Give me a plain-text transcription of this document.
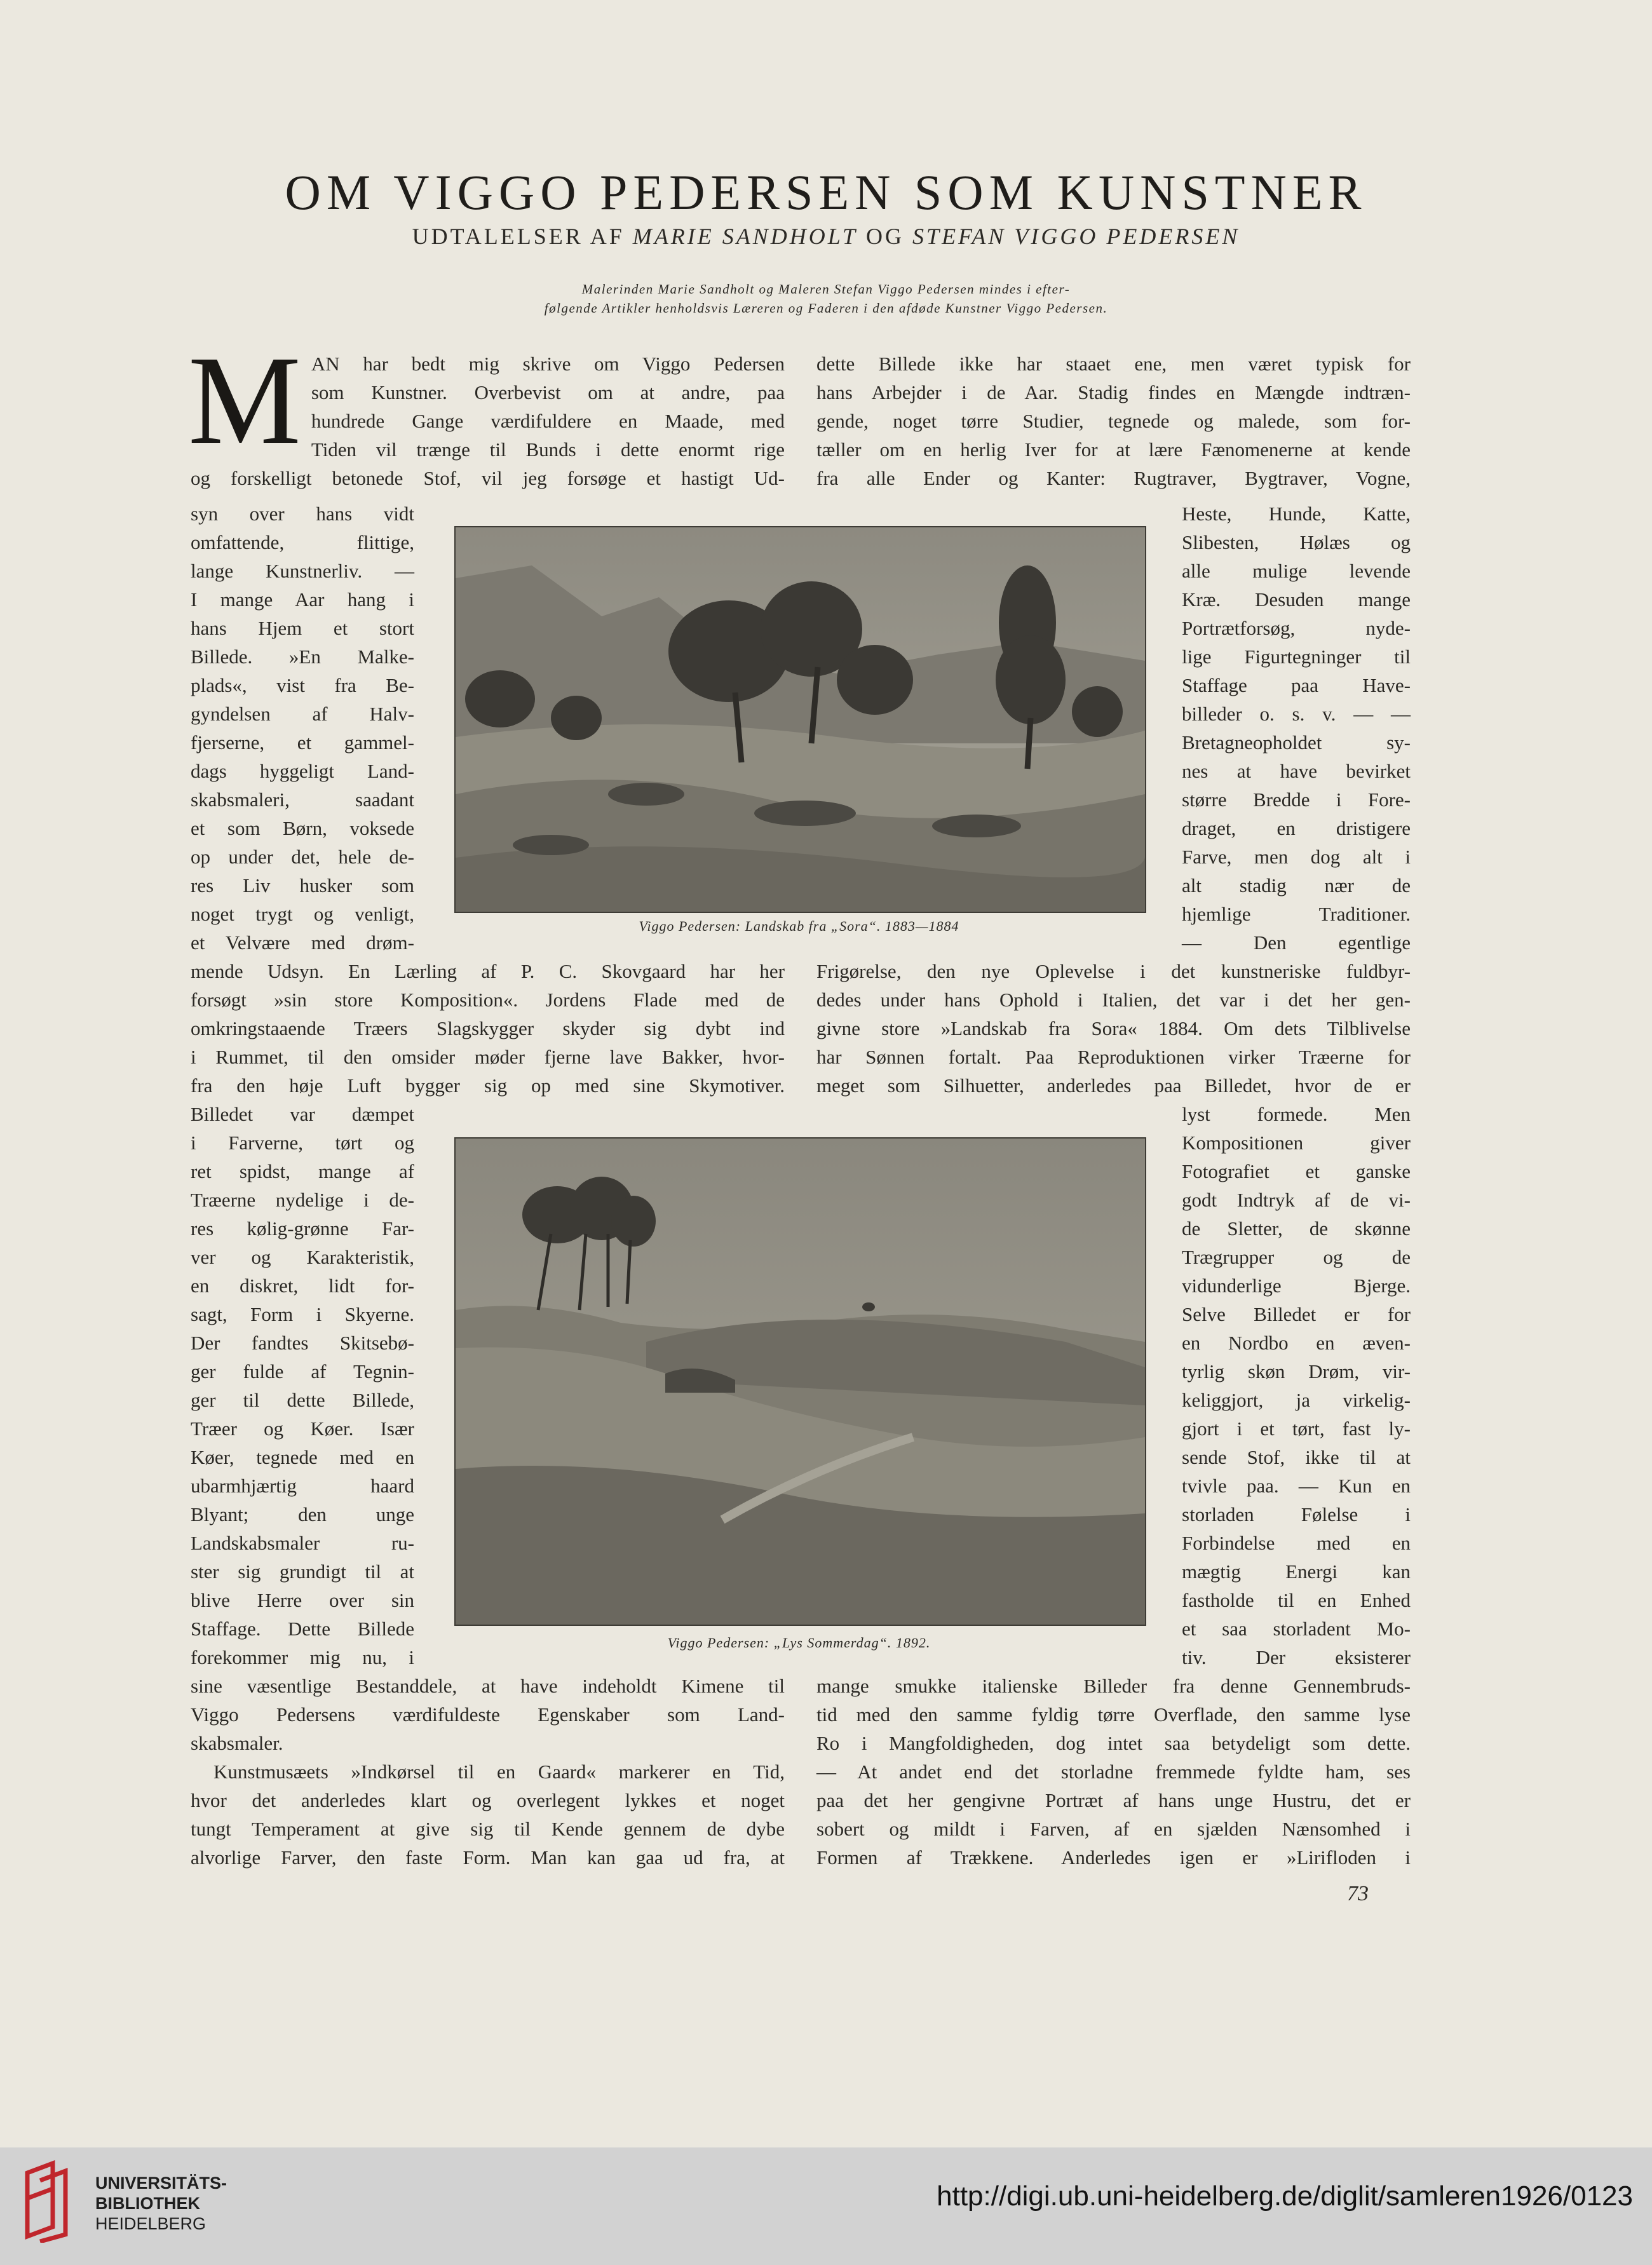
OM VIGGO PEDERSEN SOM KUNSTNER
UDTALELSER AF MARIE SANDHOLT OG STEFAN VIGGO PEDERSEN
Malerinden Marie Sandholt og Maleren Stefan Viggo Pedersen mindes i efter-
følgende Artikler henholdsvis Læreren og Faderen i den afdøde Kunstner Viggo Pedersen.
M AN har bedt mig skrive om Viggo Pedersen
som Kunstner. Overbevist om at andre, paa
hundrede Gange værdifuldere en Maade, med
Tiden vil trænge til Bunds i dette enormt rige
og forskelligt betonede Stof, vil jeg forsøge et hastigt Ud-
syn over hans vidt
omfattende, flittige,
lange Kunstnerliv. —
I mange Aar hang i
hans Hjem et stort
Billede. »En Malke-
plads«, vist fra Be-
gyndelsen af Halv-
fjerserne, et gammel-
dags hyggeligt Land-
skabsmaleri, saadant
et som Børn, voksede
op under det, hele de-
res Liv husker som
noget trygt og venligt,
et Velvære med drøm-
mende Udsyn. En Lærling af P. C. Skovgaard har her
forsøgt »sin store Komposition«. Jordens Flade med de
omkringstaaende Træers Slagskygger skyder sig dybt ind
i Rummet, til den omsider møder fjerne lave Bakker, hvor-
fra den høje Luft bygger sig op med sine Skymotiver.
Billedet var dæmpet
i Farverne, tørt og
ret spidst, mange af
Træerne nydelige i de-
res kølig-grønne Far-
ver og Karakteristik,
en diskret, lidt for-
sagt, Form i Skyerne.
Der fandtes Skitsebø-
ger fulde af Tegnin-
ger til dette Billede,
Træer og Køer. Især
Køer, tegnede med en
ubarmhjærtig haard
Blyant; den unge
Landskabsmaler ru-
ster sig grundigt til at
blive Herre over sin
Staffage. Dette Billede
forekommer mig nu, i
sine væsentlige Bestanddele, at have indeholdt Kimene til
Viggo Pedersens værdifuldeste Egenskaber som Land-
skabsmaler.
Kunstmusæets »Indkørsel til en Gaard« markerer en Tid,
hvor det anderledes klart og overlegent lykkes et noget
tungt Temperament at give sig til Kende gennem de dybe
alvorlige Farver, den faste Form. Man kan gaa ud fra, at
dette Billede ikke har staaet ene, men været typisk for
hans Arbejder i de Aar. Stadig findes en Mængde indtræn-
gende, noget tørre Studier, tegnede og malede, som for-
tæller om en herlig Iver for at lære Fænomenerne at kende
fra alle Ender og Kanter: Rugtraver, Bygtraver, Vogne,
Heste, Hunde, Katte,
Slibesten, Hølæs og
alle mulige levende
Kræ. Desuden mange
Portrætforsøg, nyde-
lige Figurtegninger til
Staffage paa Have-
billeder o. s. v. — —
Bretagneopholdet sy-
nes at have bevirket
større Bredde i Fore-
draget, en dristigere
Farve, men dog alt i
alt stadig nær de
hjemlige Traditioner.
— Den egentlige
Frigørelse, den nye Oplevelse i det kunstneriske fuldbyr-
dedes under hans Ophold i Italien, det var i det her gen-
givne store »Landskab fra Sora« 1884. Om dets Tilblivelse
har Sønnen fortalt. Paa Reproduktionen virker Træerne for
meget som Silhuetter, anderledes paa Billedet, hvor de er
lyst formede. Men
Kompositionen giver
Fotografiet et ganske
godt Indtryk af de vi-
de Sletter, de skønne
Trægrupper og de
vidunderlige Bjerge.
Selve Billedet er for
en Nordbo en æven-
tyrlig skøn Drøm, vir-
keliggjort, ja virkelig-
gjort i et tørt, fast ly-
sende Stof, ikke til at
tvivle paa. — Kun en
storladen Følelse i
Forbindelse med en
mægtig Energi kan
fastholde til en Enhed
et saa storladent Mo-
tiv. Der eksisterer
mange smukke italienske Billeder fra denne Gennembruds-
tid med den samme fyldig tørre Overflade, den samme lyse
Ro i Mangfoldigheden, dog intet saa betydeligt som dette.
— At andet end det storladne fremmede fyldte ham, ses
paa det her gengivne Portræt af hans unge Hustru, det er
sobert og mildt i Farven, af en sjælden Nænsomhed i
Formen af Trækkene. Anderledes igen er »Lirifloden i
Viggo Pedersen: Landskab fra „Sora“. 1883—1884
Viggo Pedersen: „Lys Sommerdag“. 1892.
73
UNIVERSITÄTS-
BIBLIOTHEK
HEIDELBERG
http://digi.ub.uni-heidelberg.de/diglit/samleren1926/0123
